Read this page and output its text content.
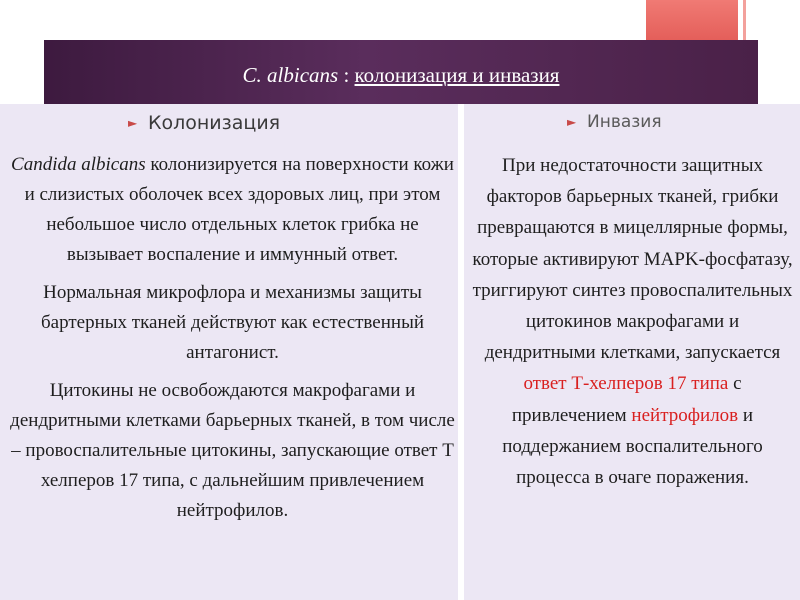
C. albicans : колонизация и инвазия
► Колонизация	► Инвазия

Candida albicans колонизируется на поверхности кожи и слизистых оболочек всех здоровых лиц, при этом небольшое число отдельных клеток грибка не вызывает воспаление и иммунный ответ.

Нормальная микрофлора и механизмы защиты бартерных тканей действуют как естественный антагонист.

Цитокины не освобождаются макрофагами и дендритными клетками барьерных тканей, в том числе – провоспалительные цитокины, запускающие ответ Т хелперов 17 типа, с дальнейшим привлечением нейтрофилов.

При недостаточности защитных факторов барьерных тканей, грибки превращаются в мицеллярные формы, которые активируют MAPK-фосфатазу, триггируют синтез провоспалительных цитокинов макрофагами и дендритными клетками, запускается ответ Т-хелперов 17 типа с привлечением нейтрофилов и поддержанием воспалительного процесса в очаге поражения.
